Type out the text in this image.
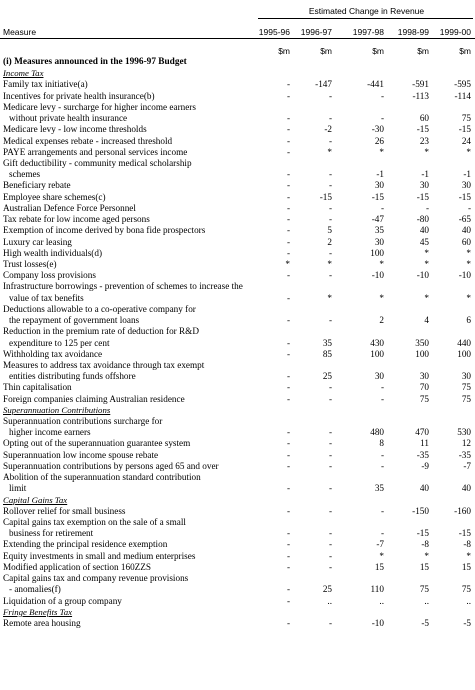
Estimated Change in Revenue
Measure	1995-96	1996-97	1997-98	1998-99	1999-00
$m	$m	$m	$m	$m
(i) Measures announced in the 1996-97 Budget
Income Tax
Family tax initiative(a)	-	-147	-441	-591	-595
Incentives for private health insurance(b)	-	-	-	-113	-114
Medicare levy - surcharge for higher income earners
without private health insurance	-	-	-	60	75
Medicare levy - low income thresholds	-	-2	-30	-15	-15
Medical expenses rebate - increased threshold	-	-	26	23	24
PAYE arrangements and personal services income	-	*	*	*	*
Gift deductibility - community medical scholarship
schemes	-	-	-1	-1	-1
Beneficiary rebate	-	-	30	30	30
Employee share schemes(c)	-	-15	-15	-15	-15
Australian Defence Force Personnel	-	-	-	-	-
Tax rebate for low income aged persons	-	-	-47	-80	-65
Exemption of income derived by bona fide prospectors	-	5	35	40	40
Luxury car leasing	-	2	30	45	60
High wealth individuals(d)	-	-	100	*	*
Trust losses(e)	*	*	*	*	*
Company loss provisions	-	-	-10	-10	-10
Infrastructure borrowings - prevention of schemes to increase the
value of tax benefits	-	*	*	*	*
Deductions allowable to a co-operative company for
the repayment of government loans	-	-	2	4	6
Reduction in the premium rate of deduction for R&D
expenditure to 125 per cent	-	35	430	350	440
Withholding tax avoidance	-	85	100	100	100
Measures to address tax avoidance through tax exempt
entities distributing funds offshore	-	25	30	30	30
Thin capitalisation	-	-	-	70	75
Foreign companies claiming Australian residence	-	-	-	75	75
Superannuation Contributions
Superannuation contributions surcharge for
higher income earners	-	-	480	470	530
Opting out of the superannuation guarantee system	-	-	8	11	12
Superannuation low income spouse rebate	-	-	-	-35	-35
Superannuation contributions by persons aged 65 and over	-	-	-	-9	-7
Abolition of the superannuation standard contribution
limit	-	-	35	40	40
Capital Gains Tax
Rollover relief for small business	-	-	-	-150	-160
Capital gains tax exemption on the sale of a small
business for retirement	-	-	-	-15	-15
Extending the principal residence exemption	-	-	-7	-8	-8
Equity investments in small and medium enterprises	-	-	*	*	*
Modified application of section 160ZZS	-	-	15	15	15
Capital gains tax and company revenue provisions
- anomalies(f)	-	25	110	75	75
Liquidation of a group company	-	..	..	..	..
Fringe Benefits Tax
Remote area housing	-	-	-10	-5	-5
